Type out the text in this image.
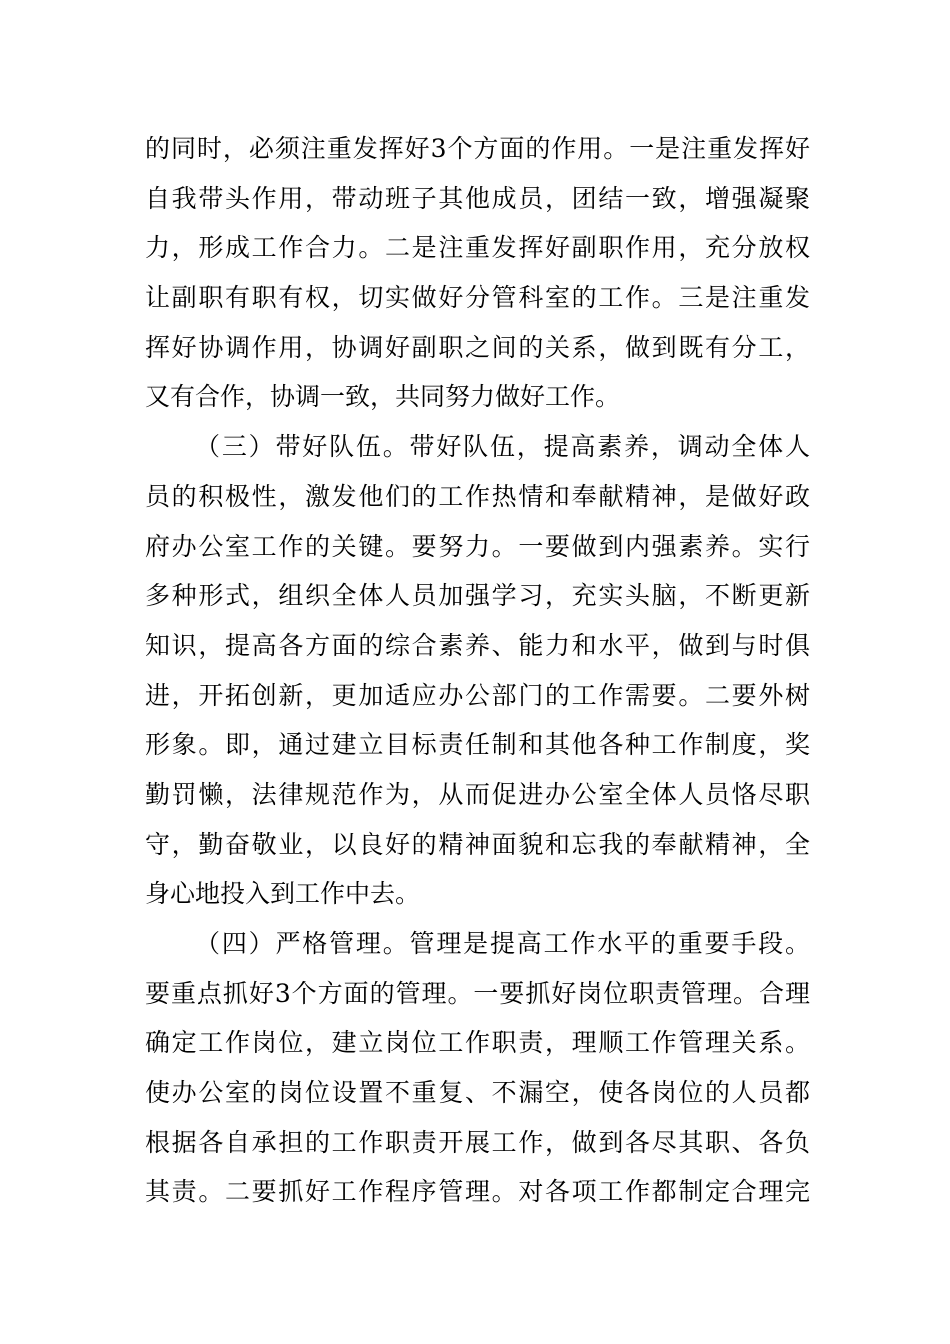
的同时，必须注重发挥好3个方面的作用。一是注重发挥好
自我带头作用，带动班子其他成员，团结一致，增强凝聚
力，形成工作合力。二是注重发挥好副职作用，充分放权
让副职有职有权，切实做好分管科室的工作。三是注重发
挥好协调作用，协调好副职之间的关系，做到既有分工，
又有合作，协调一致，共同努力做好工作。
（三）带好队伍。带好队伍，提高素养，调动全体人
员的积极性，激发他们的工作热情和奉献精神，是做好政
府办公室工作的关键。要努力。一要做到内强素养。实行
多种形式，组织全体人员加强学习，充实头脑，不断更新
知识，提高各方面的综合素养、能力和水平，做到与时俱
进，开拓创新，更加适应办公部门的工作需要。二要外树
形象。即，通过建立目标责任制和其他各种工作制度，奖
勤罚懒，法律规范作为，从而促进办公室全体人员恪尽职
守，勤奋敬业，以良好的精神面貌和忘我的奉献精神，全
身心地投入到工作中去。
（四）严格管理。管理是提高工作水平的重要手段。
要重点抓好3个方面的管理。一要抓好岗位职责管理。合理
确定工作岗位，建立岗位工作职责，理顺工作管理关系。
使办公室的岗位设置不重复、不漏空，使各岗位的人员都
根据各自承担的工作职责开展工作，做到各尽其职、各负
其责。二要抓好工作程序管理。对各项工作都制定合理完
